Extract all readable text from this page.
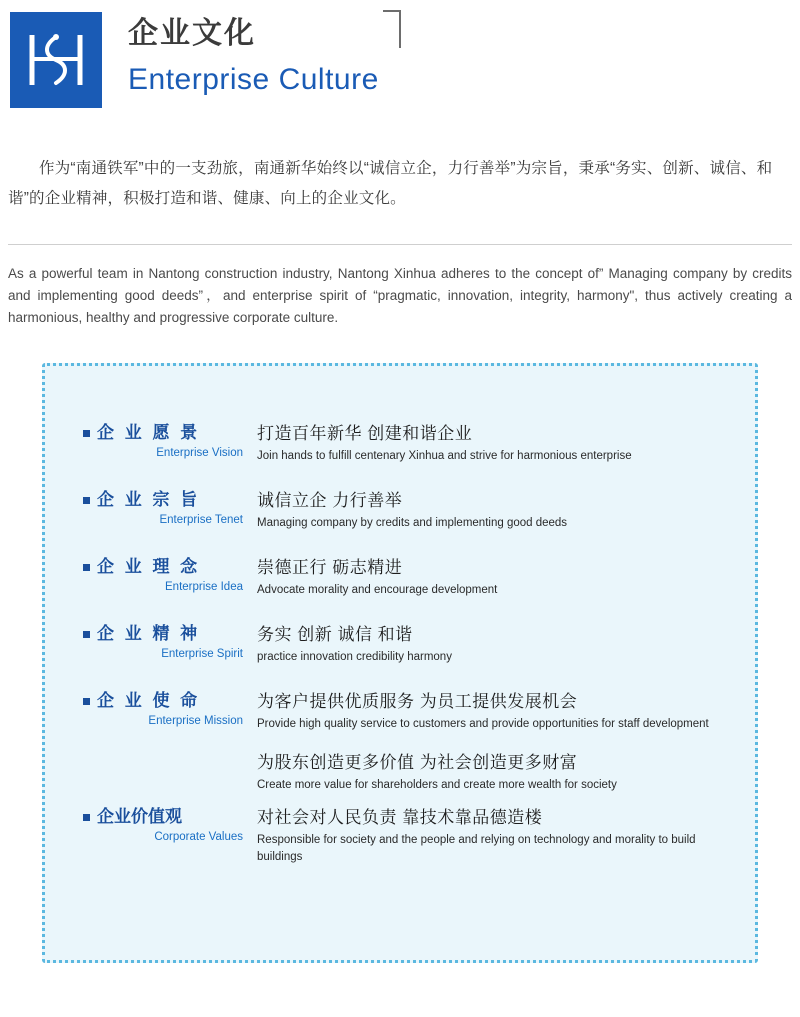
企业文化
Enterprise Culture

作为“南通铁军”中的一支劲旅，南通新华始终以“诚信立企，力行善举”为宗旨，秉承“务实、创新、诚信、和谐”的企业精神，积极打造和谐、健康、向上的企业文化。

As a powerful team in Nantong construction industry, Nantong Xinhua adheres to the concept of” Managing company by credits and implementing good deeds”，and enterprise spirit of “pragmatic, innovation, integrity, harmony", thus actively creating a harmonious, healthy and progressive corporate culture.

企 业 愿 景
Enterprise Vision
打造百年新华 创建和谐企业
Join hands to fulfill centenary Xinhua and strive for harmonious enterprise
企 业 宗 旨
Enterprise Tenet
诚信立企 力行善举
Managing company by credits and implementing good deeds
企 业 理 念
Enterprise Idea
崇德正行 砺志精进
Advocate morality and encourage development
企 业 精 神
Enterprise Spirit
务实 创新 诚信 和谐
practice innovation credibility harmony
企 业 使 命
Enterprise Mission
为客户提供优质服务 为员工提供发展机会
Provide high quality service to customers and provide opportunities for staff development
为股东创造更多价值 为社会创造更多财富
Create more value for shareholders and create more wealth for society
企业价值观
Corporate Values
对社会对人民负责 靠技术靠品德造楼
Responsible for society and the people and relying on technology and morality to build buildings
